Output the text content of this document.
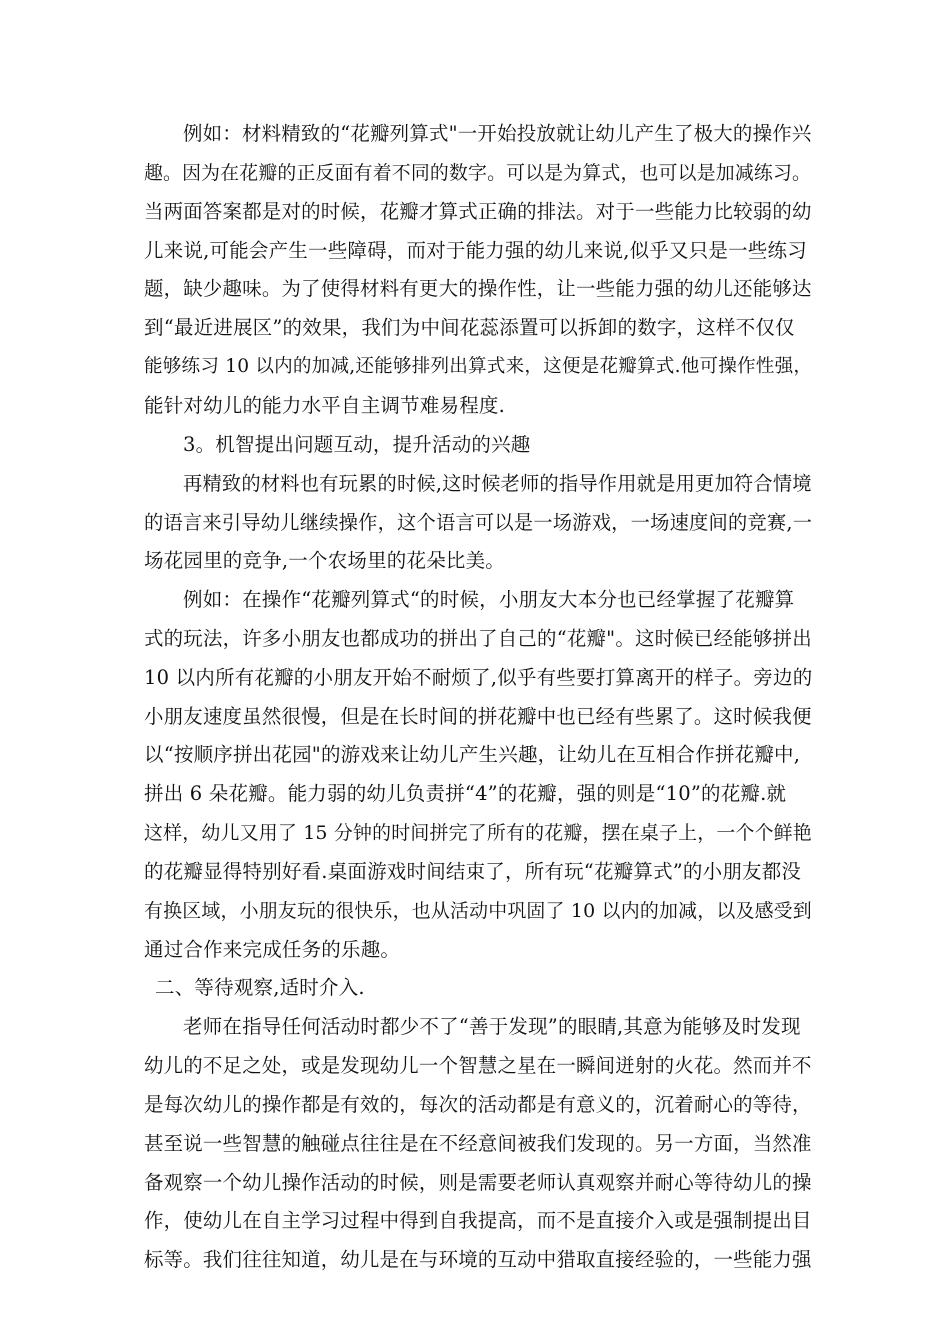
例如：材料精致的“花瓣列算式"一开始投放就让幼儿产生了极大的操作兴
趣。因为在花瓣的正反面有着不同的数字。可以是为算式，也可以是加减练习。
当两面答案都是对的时候，花瓣才算式正确的排法。对于一些能力比较弱的幼
儿来说,可能会产生一些障碍，而对于能力强的幼儿来说,似乎又只是一些练习
题，缺少趣味。为了使得材料有更大的操作性，让一些能力强的幼儿还能够达
到“最近进展区”的效果，我们为中间花蕊添置可以拆卸的数字，这样不仅仅
能够练习 10 以内的加减,还能够排列出算式来，这便是花瓣算式.他可操作性强，
能针对幼儿的能力水平自主调节难易程度.
3。机智提出问题互动，提升活动的兴趣
再精致的材料也有玩累的时候,这时候老师的指导作用就是用更加符合情境
的语言来引导幼儿继续操作，这个语言可以是一场游戏，一场速度间的竞赛,一
场花园里的竞争,一个农场里的花朵比美。
例如：在操作“花瓣列算式“的时候，小朋友大本分也已经掌握了花瓣算
式的玩法，许多小朋友也都成功的拼出了自己的“花瓣"。这时候已经能够拼出
10 以内所有花瓣的小朋友开始不耐烦了,似乎有些要打算离开的样子。旁边的
小朋友速度虽然很慢，但是在长时间的拼花瓣中也已经有些累了。这时候我便
以“按顺序拼出花园"的游戏来让幼儿产生兴趣，让幼儿在互相合作拼花瓣中,
拼出 6 朵花瓣。能力弱的幼儿负责拼“4”的花瓣，强的则是“10”的花瓣.就
这样，幼儿又用了 15 分钟的时间拼完了所有的花瓣，摆在桌子上，一个个鲜艳
的花瓣显得特别好看.桌面游戏时间结束了，所有玩“花瓣算式”的小朋友都没
有换区域，小朋友玩的很快乐，也从活动中巩固了 10 以内的加减，以及感受到
通过合作来完成任务的乐趣。
二、等待观察,适时介入.
老师在指导任何活动时都少不了“善于发现”的眼睛,其意为能够及时发现
幼儿的不足之处，或是发现幼儿一个智慧之星在一瞬间迸射的火花。然而并不
是每次幼儿的操作都是有效的，每次的活动都是有意义的，沉着耐心的等待，
甚至说一些智慧的触碰点往往是在不经意间被我们发现的。另一方面，当然准
备观察一个幼儿操作活动的时候，则是需要老师认真观察并耐心等待幼儿的操
作，使幼儿在自主学习过程中得到自我提高，而不是直接介入或是强制提出目
标等。我们往往知道，幼儿是在与环境的互动中猎取直接经验的，一些能力强
